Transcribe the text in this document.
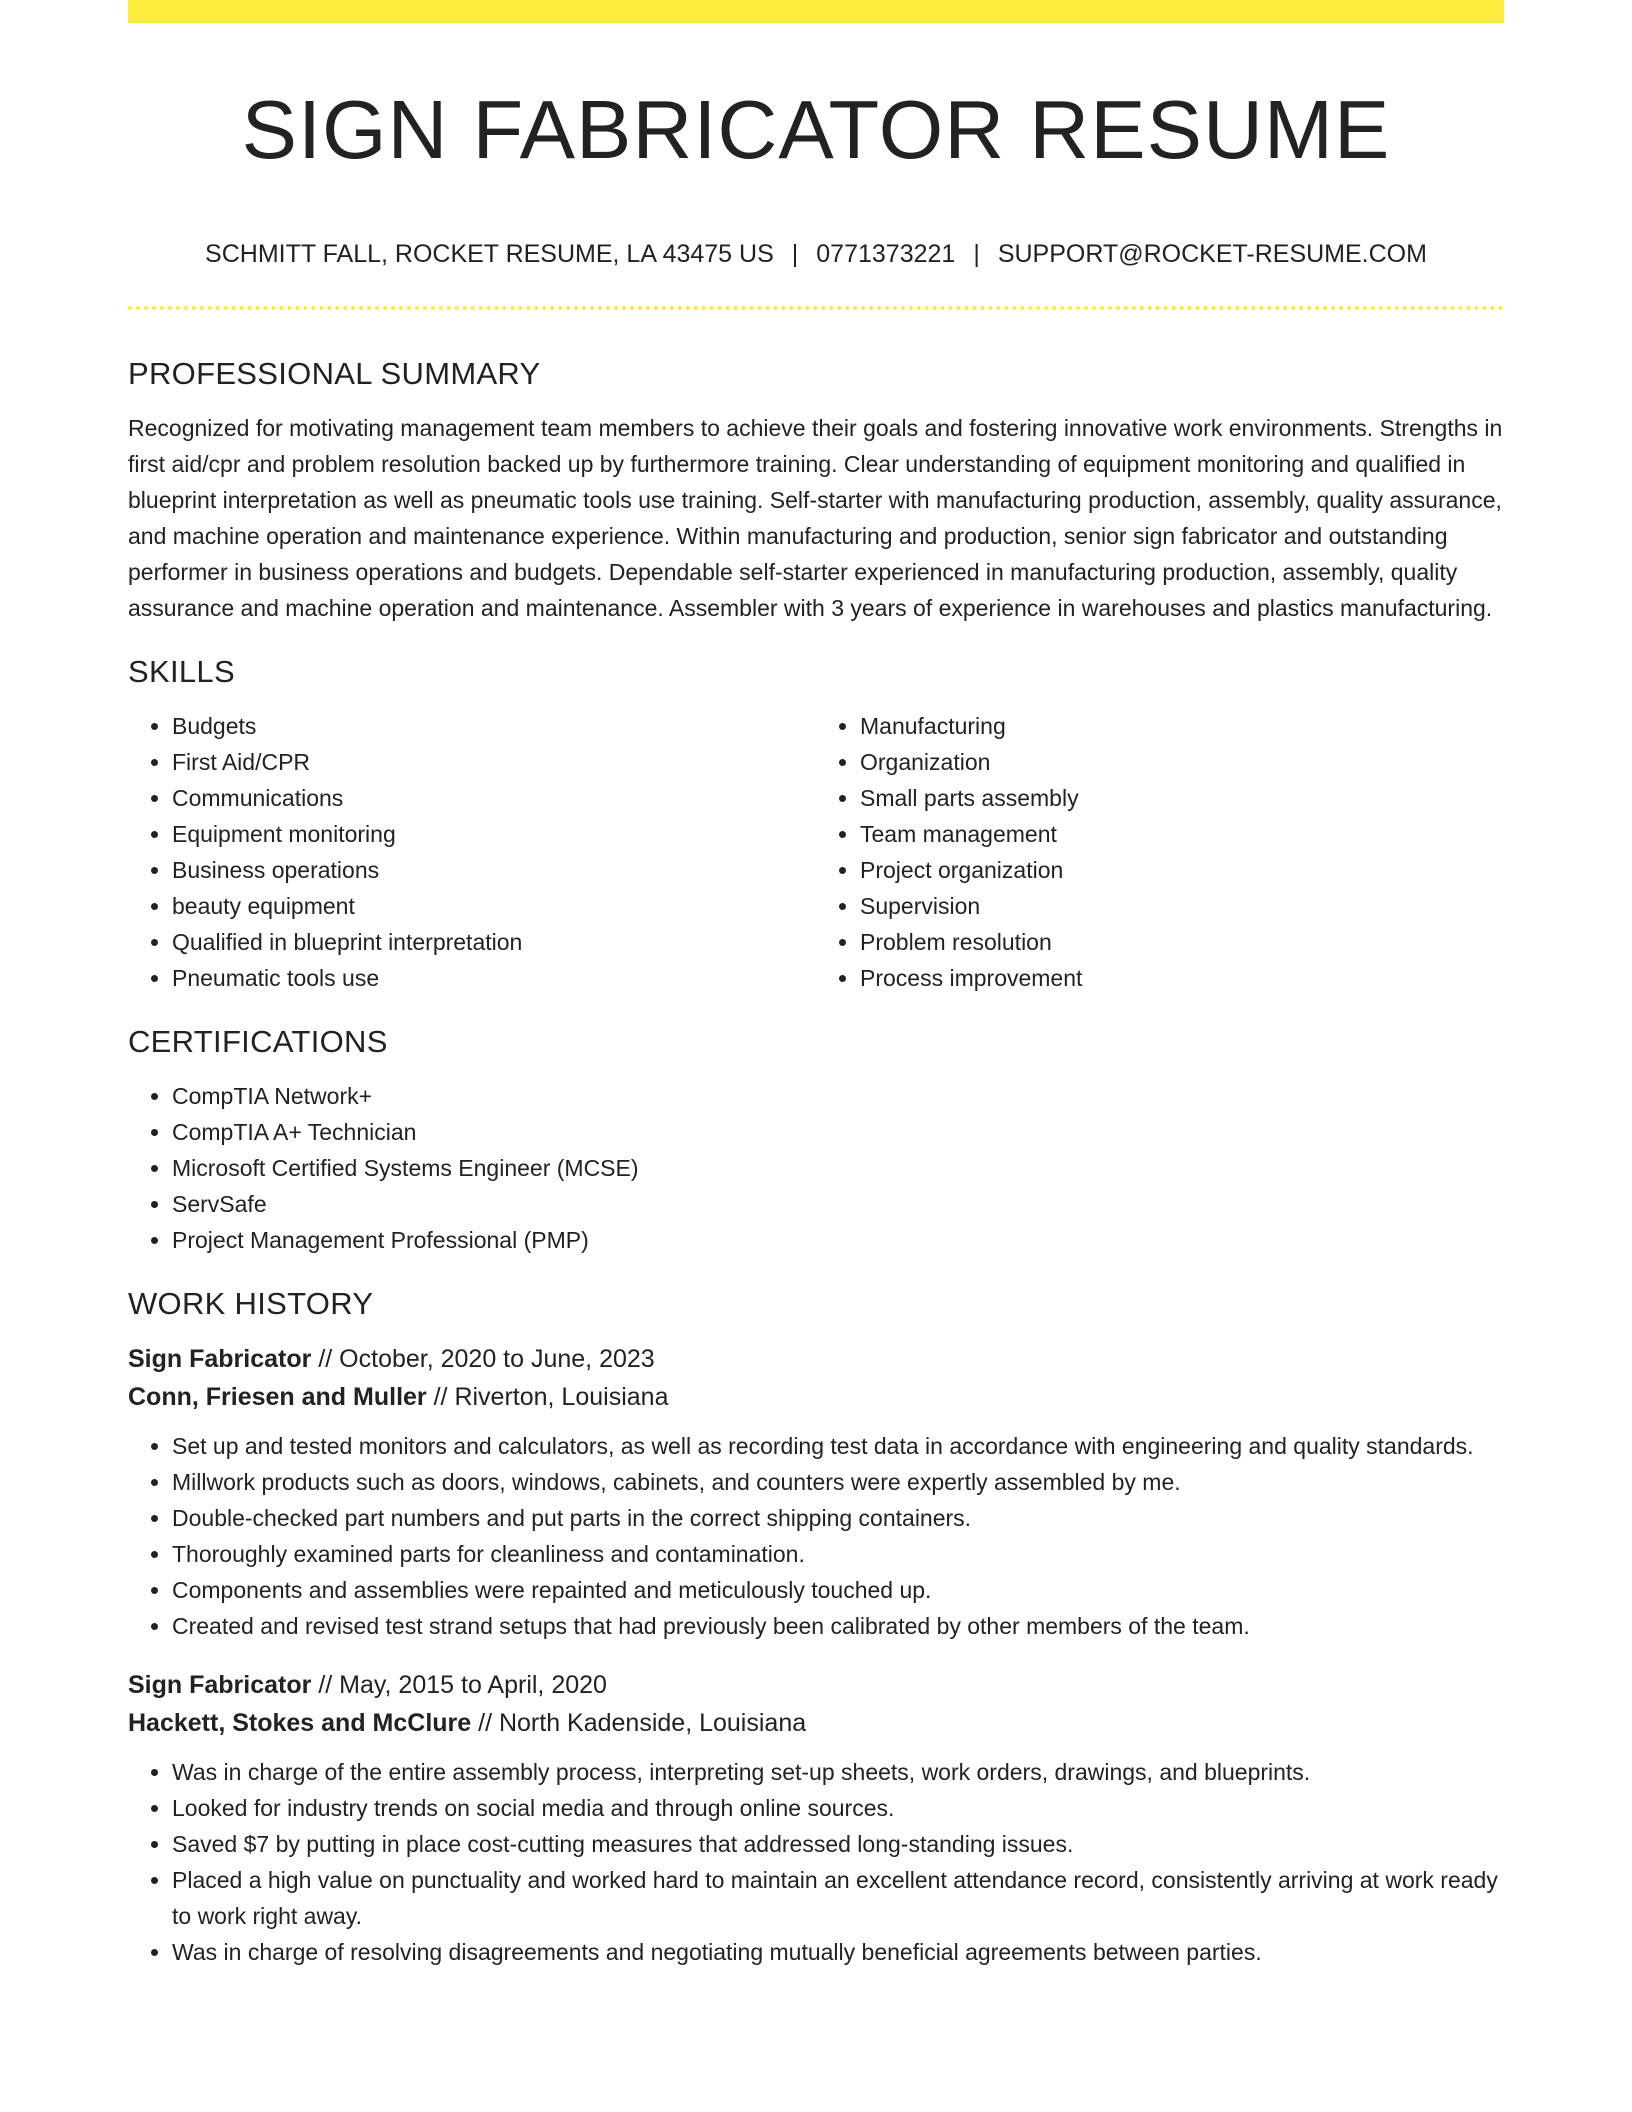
SIGN FABRICATOR RESUME
SCHMITT FALL, ROCKET RESUME, LA 43475 US | 0771373221 | SUPPORT@ROCKET-RESUME.COM
PROFESSIONAL SUMMARY

Recognized for motivating management team members to achieve their goals and fostering innovative work environments. Strengths in first aid/cpr and problem resolution backed up by furthermore training. Clear understanding of equipment monitoring and qualified in blueprint interpretation as well as pneumatic tools use training. Self-starter with manufacturing production, assembly, quality assurance, and machine operation and maintenance experience. Within manufacturing and production, senior sign fabricator and outstanding performer in business operations and budgets. Dependable self-starter experienced in manufacturing production, assembly, quality assurance and machine operation and maintenance. Assembler with 3 years of experience in warehouses and plastics manufacturing.

SKILLS
• Budgets
• First Aid/CPR
• Communications
• Equipment monitoring
• Business operations
• beauty equipment
• Qualified in blueprint interpretation
• Pneumatic tools use
• Manufacturing
• Organization
• Small parts assembly
• Team management
• Project organization
• Supervision
• Problem resolution
• Process improvement
CERTIFICATIONS
• CompTIA Network+
• CompTIA A+ Technician
• Microsoft Certified Systems Engineer (MCSE)
• ServSafe
• Project Management Professional (PMP)
WORK HISTORY
Sign Fabricator // October, 2020 to June, 2023
Conn, Friesen and Muller // Riverton, Louisiana
• Set up and tested monitors and calculators, as well as recording test data in accordance with engineering and quality standards.
• Millwork products such as doors, windows, cabinets, and counters were expertly assembled by me.
• Double-checked part numbers and put parts in the correct shipping containers.
• Thoroughly examined parts for cleanliness and contamination.
• Components and assemblies were repainted and meticulously touched up.
• Created and revised test strand setups that had previously been calibrated by other members of the team.
Sign Fabricator // May, 2015 to April, 2020
Hackett, Stokes and McClure // North Kadenside, Louisiana
• Was in charge of the entire assembly process, interpreting set-up sheets, work orders, drawings, and blueprints.
• Looked for industry trends on social media and through online sources.
• Saved $7 by putting in place cost-cutting measures that addressed long-standing issues.
• Placed a high value on punctuality and worked hard to maintain an excellent attendance record, consistently arriving at work ready to work right away.
• Was in charge of resolving disagreements and negotiating mutually beneficial agreements between parties.
